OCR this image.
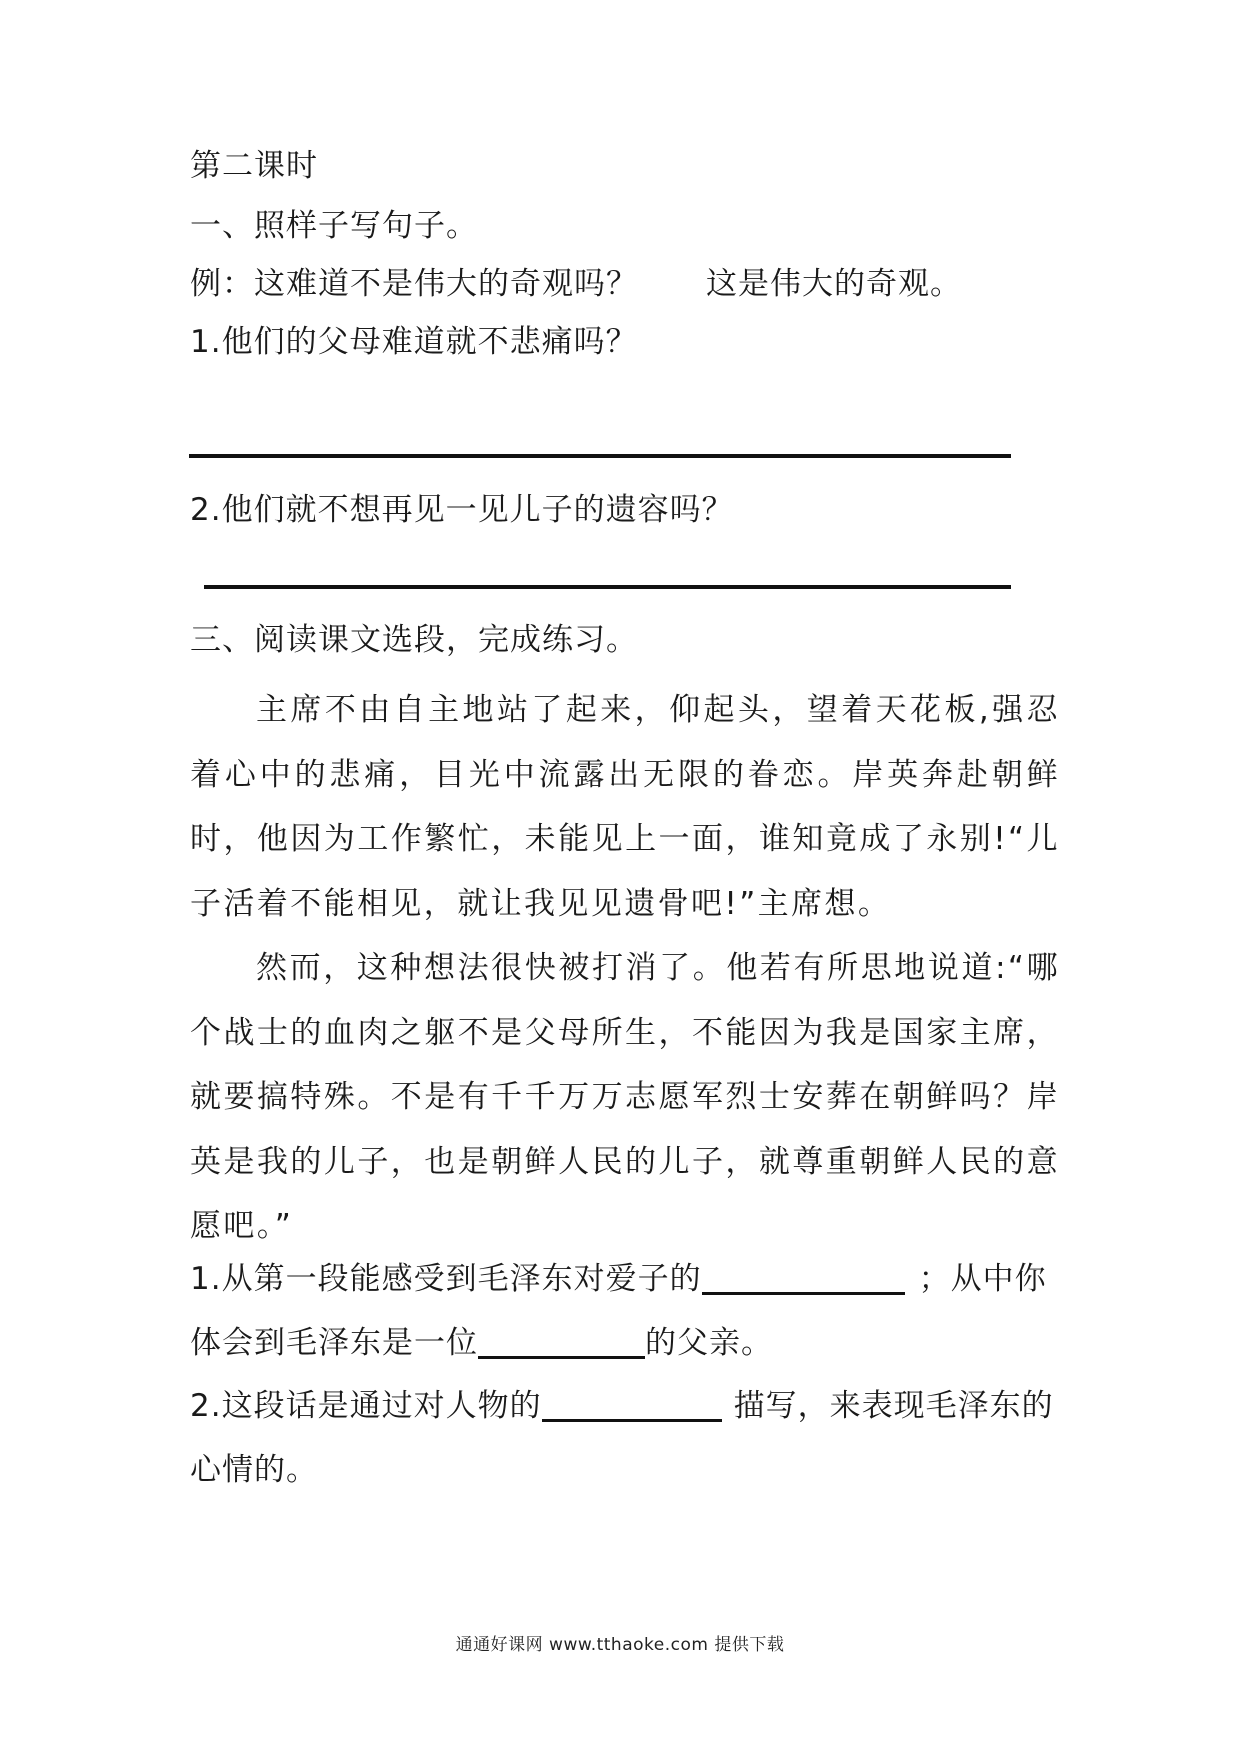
第二课时
一、照样子写句子。
例：这难道不是伟大的奇观吗？ 这是伟大的奇观。
1.他们的父母难道就不悲痛吗？
2.他们就不想再见一见儿子的遗容吗？
三、阅读课文选段，完成练习。
主席不由自主地站了起来，仰起头，望着天花板,强忍着心中的悲痛，目光中流露出无限的眷恋。岸英奔赴朝鲜时，他因为工作繁忙，未能见上一面，谁知竟成了永别!“儿子活着不能相见，就让我见见遗骨吧!”主席想。
然而，这种想法很快被打消了。他若有所思地说道:“哪个战士的血肉之躯不是父母所生，不能因为我是国家主席，就要搞特殊。不是有千千万万志愿军烈士安葬在朝鲜吗？岸英是我的儿子，也是朝鲜人民的儿子，就尊重朝鲜人民的意愿吧。”
1.从第一段能感受到毛泽东对爱子的	；从中你
体会到毛泽东是一位	的父亲。
2.这段话是通过对人物的	描写，来表现毛泽东的
心情的。
通通好课网 www.tthaoke.com 提供下载
